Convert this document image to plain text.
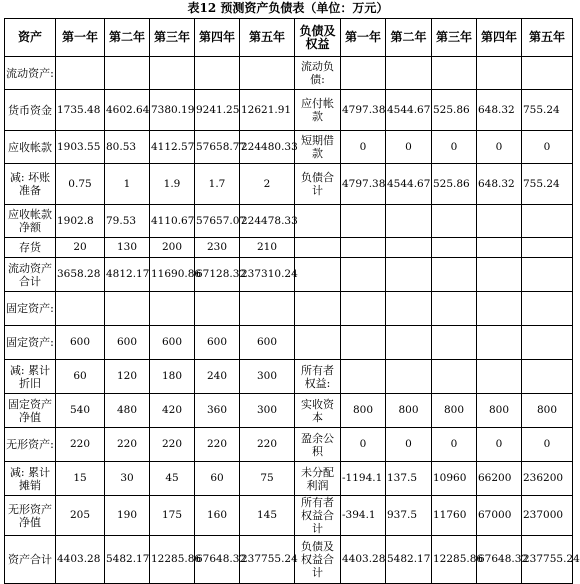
表12 预测资产负债表（单位：万元）
资产	第一年	第二年	第三年	第四年	第五年	负债及权益	第一年	第二年	第三年	第四年	第五年
流动资产:						流动负债:					
货币资金	1735.48	4602.64	7380.19	9241.25	12621.91	应付帐款	4797.38	4544.67	525.86	648.32	755.24
应收帐款	1903.55	80.53	4112.57	57658.77	224480.33	短期借款	0	0	0	0	0
减: 坏账准备	0.75	1	1.9	1.7	2	负债合计	4797.38	4544.67	525.86	648.32	755.24
应收帐款净额	1902.8	79.53	4110.67	57657.07	224478.33						
存货	20	130	200	230	210						
流动资产合计	3658.28	4812.17	11690.86	67128.32	237310.24						
固定资产:											
固定资产:	600	600	600	600	600						
减: 累计折旧	60	120	180	240	300	所有者权益:					
固定资产净值	540	480	420	360	300	实收资本	800	800	800	800	800
无形资产:	220	220	220	220	220	盈余公积	0	0	0	0	0
减: 累计摊销	15	30	45	60	75	未分配利润	-1194.1	137.5	10960	66200	236200
无形资产净值	205	190	175	160	145	所有者权益合计	-394.1	937.5	11760	67000	237000
资产合计	4403.28	5482.17	12285.86	67648.32	237755.24	负债及权益合计	4403.28	5482.17	12285.86	67648.32	237755.24
